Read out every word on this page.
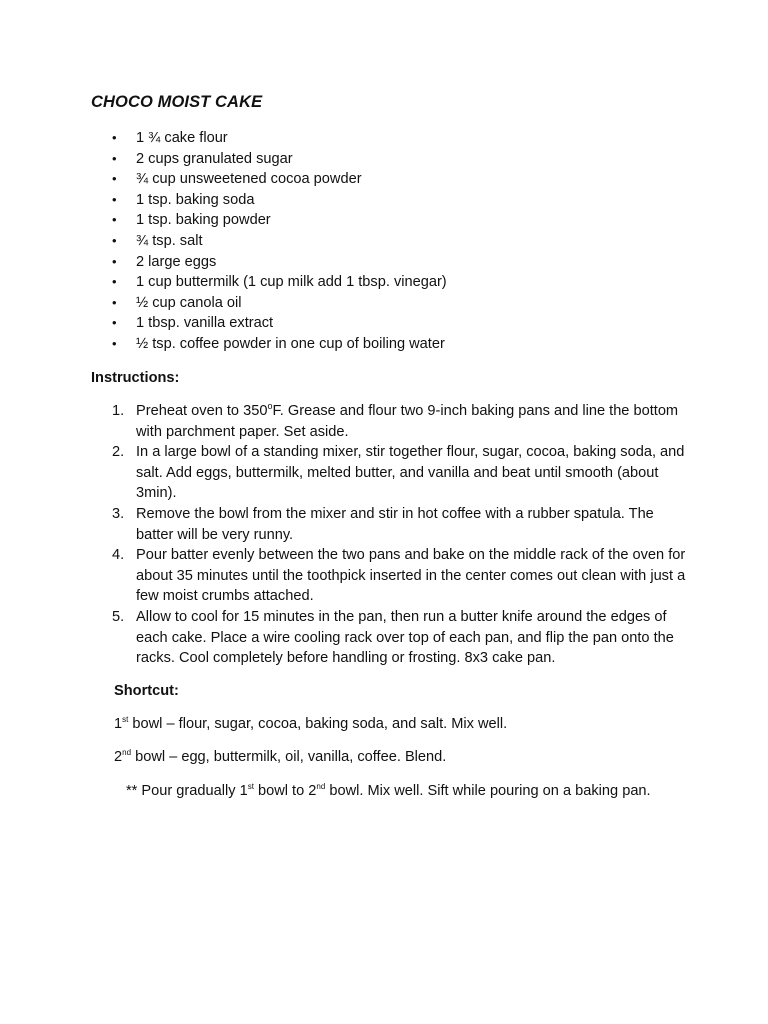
CHOCO MOIST CAKE
• 1 ¾ cake flour
• 2 cups granulated sugar
• ¾ cup unsweetened cocoa powder
• 1 tsp. baking soda
• 1 tsp. baking powder
• ¾ tsp. salt
• 2 large eggs
• 1 cup buttermilk (1 cup milk add 1 tbsp. vinegar)
• ½ cup canola oil
• 1 tbsp. vanilla extract
• ½ tsp. coffee powder in one cup of boiling water

Instructions:

1. Preheat oven to 350$^o$F. Grease and flour two 9-inch baking pans and line the bottom with parchment paper. Set aside.
2. In a large bowl of a standing mixer, stir together flour, sugar, cocoa, baking soda, and salt. Add eggs, buttermilk, melted butter, and vanilla and beat until smooth (about 3min).
3. Remove the bowl from the mixer and stir in hot coffee with a rubber spatula. The batter will be very runny.
4. Pour batter evenly between the two pans and bake on the middle rack of the oven for about 35 minutes until the toothpick inserted in the center comes out clean with just a few moist crumbs attached.
5. Allow to cool for 15 minutes in the pan, then run a butter knife around the edges of each cake. Place a wire cooling rack over top of each pan, and flip the pan onto the racks. Cool completely before handling or frosting. 8x3 cake pan.

Shortcut:

1st bowl – flour, sugar, cocoa, baking soda, and salt. Mix well.

2nd bowl – egg, buttermilk, oil, vanilla, coffee. Blend.

** Pour gradually 1st bowl to 2nd bowl. Mix well. Sift while pouring on a baking pan.
